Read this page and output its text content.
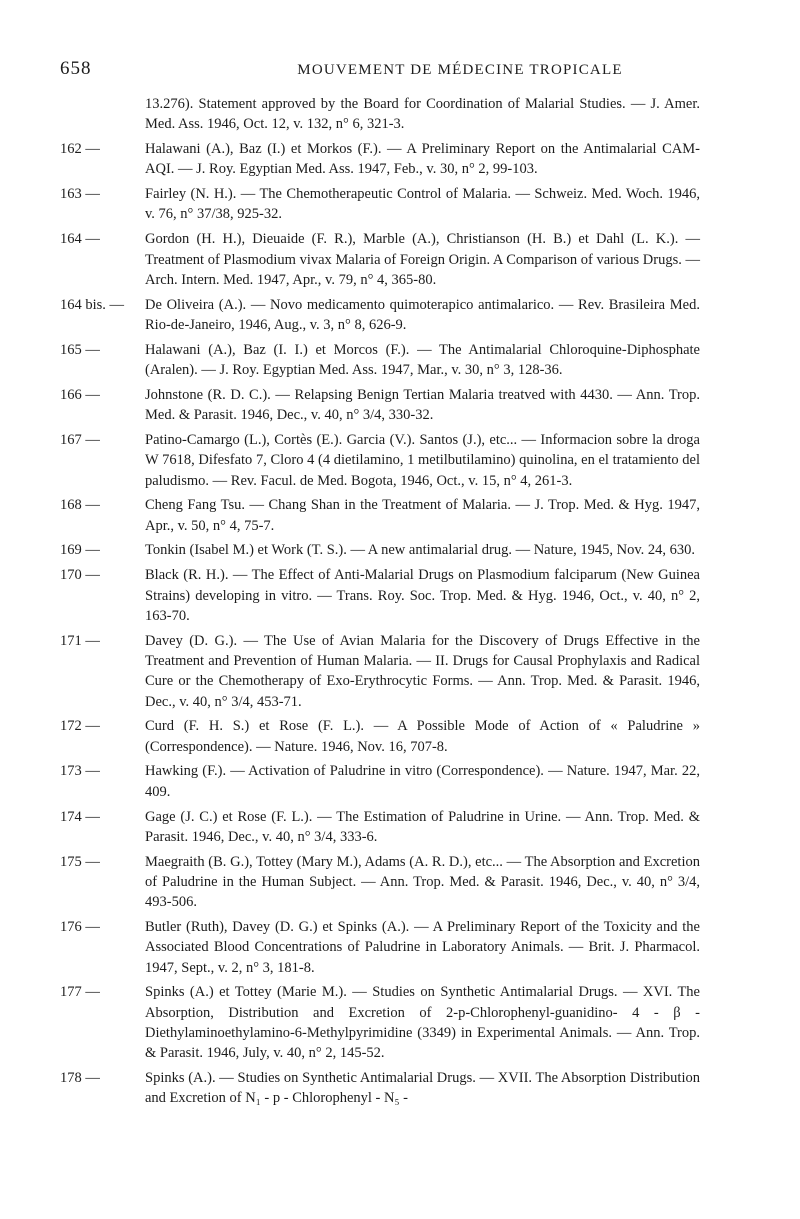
658	MOUVEMENT DE MÉDECINE TROPICALE

13.276). Statement approved by the Board for Coordination of Malarial Studies. — J. Amer. Med. Ass. 1946, Oct. 12, v. 132, n° 6, 321-3.

162 —	Halawani (A.), Baz (I.) et Morkos (F.). — A Preliminary Report on the Antimalarial CAM-AQI. — J. Roy. Egyptian Med. Ass. 1947, Feb., v. 30, n° 2, 99-103.

163 —	Fairley (N. H.). — The Chemotherapeutic Control of Malaria. — Schweiz. Med. Woch. 1946, v. 76, n° 37/38, 925-32.

164 —	Gordon (H. H.), Dieuaide (F. R.), Marble (A.), Christianson (H. B.) et Dahl (L. K.). — Treatment of Plasmodium vivax Malaria of Foreign Origin. A Comparison of various Drugs. — Arch. Intern. Med. 1947, Apr., v. 79, n° 4, 365-80.

164 bis. — De Oliveira (A.). — Novo medicamento quimoterapico antimalarico. — Rev. Brasileira Med. Rio-de-Janeiro, 1946, Aug., v. 3, n° 8, 626-9.

165 —	Halawani (A.), Baz (I. I.) et Morcos (F.). — The Antimalarial Chloroquine-Diphosphate (Aralen). — J. Roy. Egyptian Med. Ass. 1947, Mar., v. 30, n° 3, 128-36.

166 —	Johnstone (R. D. C.). — Relapsing Benign Tertian Malaria treatved with 4430. — Ann. Trop. Med. & Parasit. 1946, Dec., v. 40, n° 3/4, 330-32.

167 —	Patino-Camargo (L.), Cortès (E.). Garcia (V.). Santos (J.), etc... — Informacion sobre la droga W 7618, Difesfato 7, Cloro 4 (4 dietilamino, 1 metilbutilamino) quinolina, en el tratamiento del paludismo. — Rev. Facul. de Med. Bogota, 1946, Oct., v. 15, n° 4, 261-3.

168 —	Cheng Fang Tsu. — Chang Shan in the Treatment of Malaria. — J. Trop. Med. & Hyg. 1947, Apr., v. 50, n° 4, 75-7.

169 —	Tonkin (Isabel M.) et Work (T. S.). — A new antimalarial drug. — Nature, 1945, Nov. 24, 630.

170 —	Black (R. H.). — The Effect of Anti-Malarial Drugs on Plasmodium falciparum (New Guinea Strains) developing in vitro. — Trans. Roy. Soc. Trop. Med. & Hyg. 1946, Oct., v. 40, n° 2, 163-70.

171 —	Davey (D. G.). — The Use of Avian Malaria for the Discovery of Drugs Effective in the Treatment and Prevention of Human Malaria. — II. Drugs for Causal Prophylaxis and Radical Cure or the Chemotherapy of Exo-Erythrocytic Forms. — Ann. Trop. Med. & Parasit. 1946, Dec., v. 40, n° 3/4, 453-71.

172 —	Curd (F. H. S.) et Rose (F. L.). — A Possible Mode of Action of « Paludrine » (Correspondence). — Nature. 1946, Nov. 16, 707-8.

173 —	Hawking (F.). — Activation of Paludrine in vitro (Correspondence). — Nature. 1947, Mar. 22, 409.

174 —	Gage (J. C.) et Rose (F. L.). — The Estimation of Paludrine in Urine. — Ann. Trop. Med. & Parasit. 1946, Dec., v. 40, n° 3/4, 333-6.

175 —	Maegraith (B. G.), Tottey (Mary M.), Adams (A. R. D.), etc... — The Absorption and Excretion of Paludrine in the Human Subject. — Ann. Trop. Med. & Parasit. 1946, Dec., v. 40, n° 3/4, 493-506.

176 —	Butler (Ruth), Davey (D. G.) et Spinks (A.). — A Preliminary Report of the Toxicity and the Associated Blood Concentrations of Paludrine in Laboratory Animals. — Brit. J. Pharmacol. 1947, Sept., v. 2, n° 3, 181-8.

177 —	Spinks (A.) et Tottey (Marie M.). — Studies on Synthetic Antimalarial Drugs. — XVI. The Absorption, Distribution and Excretion of 2-p-Chlorophenyl-guanidino- 4 - β - Diethylaminoethylamino-6-Methylpyrimidine (3349) in Experimental Animals. — Ann. Trop. & Parasit. 1946, July, v. 40, n° 2, 145-52.

178 —	Spinks (A.). — Studies on Synthetic Antimalarial Drugs. — XVII. The Absorption Distribution and Excretion of N₁ - p - Chlorophenyl - N₅ -
